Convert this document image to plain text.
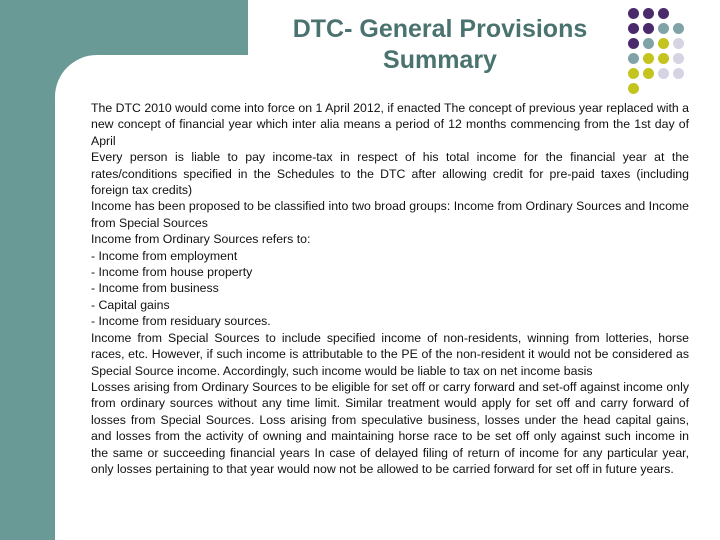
DTC- General Provisions
Summary

The DTC 2010 would come into force on 1 April 2012, if enacted The concept of previous year replaced with a new concept of financial year which inter alia means a period of 12 months commencing from the 1st day of April

Every person is liable to pay income-tax in respect of his total income for the financial year at the rates/conditions specified in the Schedules to the DTC after allowing credit for pre-paid taxes (including foreign tax credits)

Income has been proposed to be classified into two broad groups: Income from Ordinary Sources and Income from Special Sources

Income from Ordinary Sources refers to:

- Income from employment

- Income from house property

- Income from business

- Capital gains

- Income from residuary sources.

Income from Special Sources to include specified income of non-residents, winning from lotteries, horse races, etc. However, if such income is attributable to the PE of the non-resident it would not be considered as Special Source income. Accordingly, such income would be liable to tax on net income basis

Losses arising from Ordinary Sources to be eligible for set off or carry forward and set-off against income only from ordinary sources without any time limit. Similar treatment would apply for set off and carry forward of losses from Special Sources. Loss arising from speculative business, losses under the head capital gains, and losses from the activity of owning and maintaining horse race to be set off only against such income in the same or succeeding financial years In case of delayed filing of return of income for any particular year, only losses pertaining to that year would now not be allowed to be carried forward for set off in future years.
